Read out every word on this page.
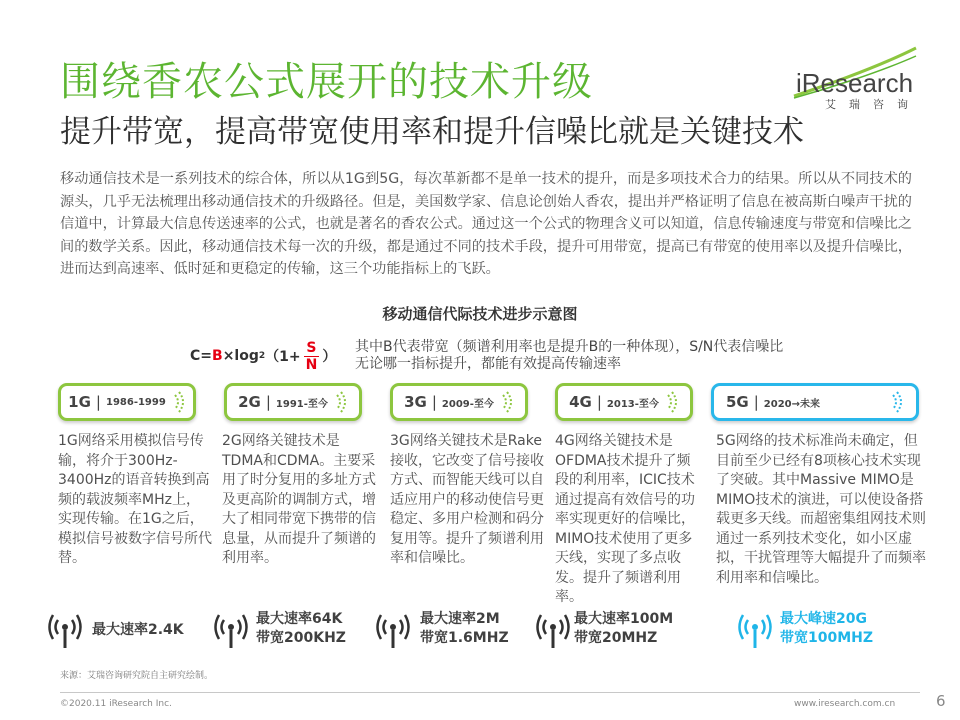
围绕香农公式展开的技术升级
提升带宽，提高带宽使用率和提升信噪比就是关键技术
iResearch
艾瑞咨询
移动通信技术是一系列技术的综合体，所以从1G到5G，每次革新都不是单一技术的提升，而是多项技术合力的结果。所以从不同技术的源头，几乎无法梳理出移动通信技术的升级路径。但是，美国数学家、信息论创始人香农，提出并严格证明了信息在被高斯白噪声干扰的信道中，计算最大信息传送速率的公式，也就是著名的香农公式。通过这一个公式的物理含义可以知道，信息传输速度与带宽和信噪比之间的数学关系。因此，移动通信技术每一次的升级，都是通过不同的技术手段，提升可用带宽，提高已有带宽的使用率以及提升信噪比，进而达到高速率、低时延和更稳定的传输，这三个功能指标上的飞跃。
移动通信代际技术进步示意图
C= B ×log 2 （$1+ \frac{S}{N}$ ）
其中B代表带宽（频谱利用率也是提升B的一种体现），S/N代表信噪比
无论哪一指标提升，都能有效提高传输速率
1G | 1986-1999	2G | 1991-至今	3G | 2009-至今	4G | 2013-至今	5G | 2020→未来
1G网络采用模拟信号传输，将介于300Hz-3400Hz的语音转换到高频的载波频率MHz上，实现传输。在1G之后，模拟信号被数字信号所代替。
2G网络关键技术是TDMA和CDMA。主要采用了时分复用的多址方式及更高阶的调制方式，增大了相同带宽下携带的信息量，从而提升了频谱的利用率。
3G网络关键技术是Rake接收，它改变了信号接收方式、而智能天线可以自适应用户的移动使信号更稳定、多用户检测和码分复用等。提升了频谱利用率和信噪比。
4G网络关键技术是OFDMA技术提升了频段的利用率，ICIC技术通过提高有效信号的功率实现更好的信噪比，MIMO技术使用了更多天线，实现了多点收发。提升了频谱利用率。
5G网络的技术标准尚未确定，但目前至少已经有8项核心技术实现了突破。其中Massive MIMO是MIMO技术的演进，可以使设备搭载更多天线。而超密集组网技术则通过一系列技术变化，如小区虚拟，干扰管理等大幅提升了而频率利用率和信噪比。
最大速率2.4K
最大速率64K
带宽200KHZ
最大速率2M
带宽1.6MHZ
最大速率100M
带宽20MHZ
最大峰速20G
带宽100MHZ
来源：艾瑞咨询研究院自主研究绘制。
©2020.11 iResearch Inc.	www.iresearch.com.cn	6
